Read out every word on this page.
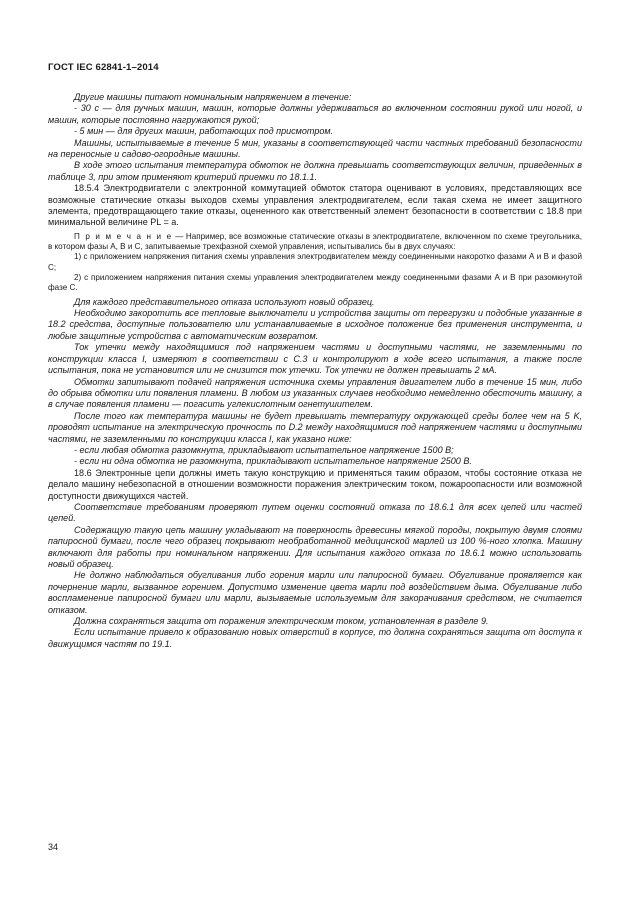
ГОСТ IEC 62841-1–2014

Другие машины питают номинальным напряжением в течение:

- 30 с — для ручных машин, машин, которые должны удерживаться во включенном состоянии рукой или ногой, и машин, которые постоянно нагружаются рукой;

- 5 мин — для других машин, работающих под присмотром.

Машины, испытываемые в течение 5 мин, указаны в соответствующей части частных требований безопасности на переносные и садово-огородные машины.

В ходе этого испытания температура обмоток не должна превышать соответствующих величин, приведенных в таблице 3, при этом применяют критерий приемки по 18.1.1.

18.5.4 Электродвигатели с электронной коммутацией обмоток статора оценивают в условиях, представляющих все возможные статические отказы выходов схемы управления электродвигателем, если такая схема не имеет защитного элемента, предотвращающего такие отказы, оцененного как ответственный элемент безопасности в соответствии с 18.8 при минимальной величине PL = a.

П р и м е ч а н и е — Например, все возможные статические отказы в электродвигателе, включенном по схеме треугольника, в котором фазы А, В и С, запитываемые трехфазной схемой управления, испытывались бы в двух случаях:

1) с приложением напряжения питания схемы управления электродвигателем между соединенными накоротко фазами А и В и фазой С;

2) с приложением напряжения питания схемы управления электродвигателем между соединенными фазами А и В при разомкнутой фазе С.

Для каждого представительного отказа используют новый образец.

Необходимо закоротить все тепловые выключатели и устройства защиты от перегрузки и подобные указанные в 18.2 средства, доступные пользователю или устанавливаемые в исходное положение без применения инструмента, и любые защитные устройства с автоматическим возвратом.

Ток утечки между находящимися под напряжением частями и доступными частями, не заземленными по конструкции класса I, измеряют в соответствии с С.3 и контролируют в ходе всего испытания, а также после испытания, пока не установится или не снизится ток утечки. Ток утечки не должен превышать 2 мА.

Обмотки запитывают подачей напряжения источника схемы управления двигателем либо в течение 15 мин, либо до обрыва обмотки или появления пламени. В любом из указанных случаев необходимо немедленно обесточить машину, а в случае появления пламени — погасить углекислотным огнетушителем.

После того как температура машины не будет превышать температуру окружающей среды более чем на 5 K, проводят испытание на электрическую прочность по D.2 между находящимися под напряжением частями и доступными частями, не заземленными по конструкции класса I, как указано ниже:

- если любая обмотка разомкнута, прикладывают испытательное напряжение 1500 В;

- если ни одна обмотка не разомкнута, прикладывают испытательное напряжение 2500 В.

18.6 Электронные цепи должны иметь такую конструкцию и применяться таким образом, чтобы состояние отказа не делало машину небезопасной в отношении возможности поражения электрическим током, пожароопасности или возможной доступности движущихся частей.

Соответствие требованиям проверяют путем оценки состояний отказа по 18.6.1 для всех цепей или частей цепей.

Содержащую такую цепь машину укладывают на поверхность древесины мягкой породы, покрытую двумя слоями папиросной бумаги, после чего образец покрывают необработанной медицинской марлей из 100 %-ного хлопка. Машину включают для работы при номинальном напряжении. Для испытания каждого отказа по 18.6.1 можно использовать новый образец.

Не должно наблюдаться обугливания либо горения марли или папиросной бумаги. Обугливание проявляется как почернение марли, вызванное горением. Допустимо изменение цвета марли под воздействием дыма. Обугливание либо воспламенение папиросной бумаги или марли, вызываемые используемым для закорачивания средством, не считается отказом.

Должна сохраняться защита от поражения электрическим током, установленная в разделе 9.

Если испытание привело к образованию новых отверстий в корпусе, то должна сохраняться защита от доступа к движущимся частям по 19.1.

34
